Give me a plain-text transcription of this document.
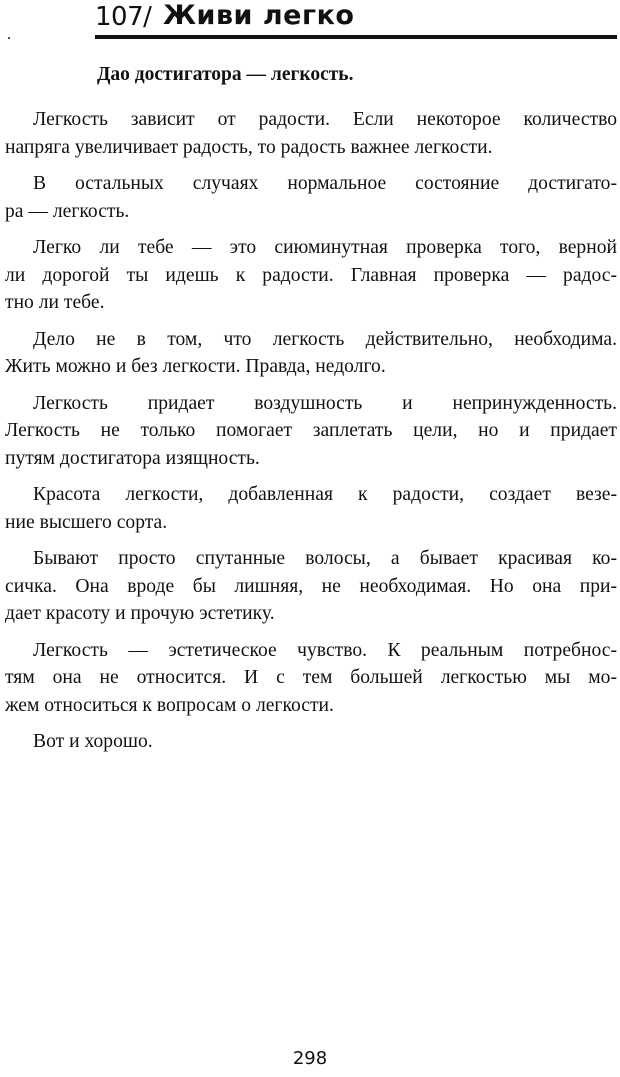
107/ Живи легко
Дао достигатора — легкость.
Легкость зависит от радости. Если некоторое количество
напряга увеличивает радость, то радость важнее легкости.
В остальных случаях нормальное состояние достигато-
ра — легкость.
Легко ли тебе — это сиюминутная проверка того, верной
ли дорогой ты идешь к радости. Главная проверка — радос-
тно ли тебе.
Дело не в том, что легкость действительно, необходима.
Жить можно и без легкости. Правда, недолго.
Легкость придает воздушность и непринужденность.
Легкость не только помогает заплетать цели, но и придает
путям достигатора изящность.
Красота легкости, добавленная к радости, создает везе-
ние высшего сорта.
Бывают просто спутанные волосы, а бывает красивая ко-
сичка. Она вроде бы лишняя, не необходимая. Но она при-
дает красоту и прочую эстетику.
Легкость — эстетическое чувство. К реальным потребнос-
тям она не относится. И с тем большей легкостью мы мо-
жем относиться к вопросам о легкости.
Вот и хорошо.
298
